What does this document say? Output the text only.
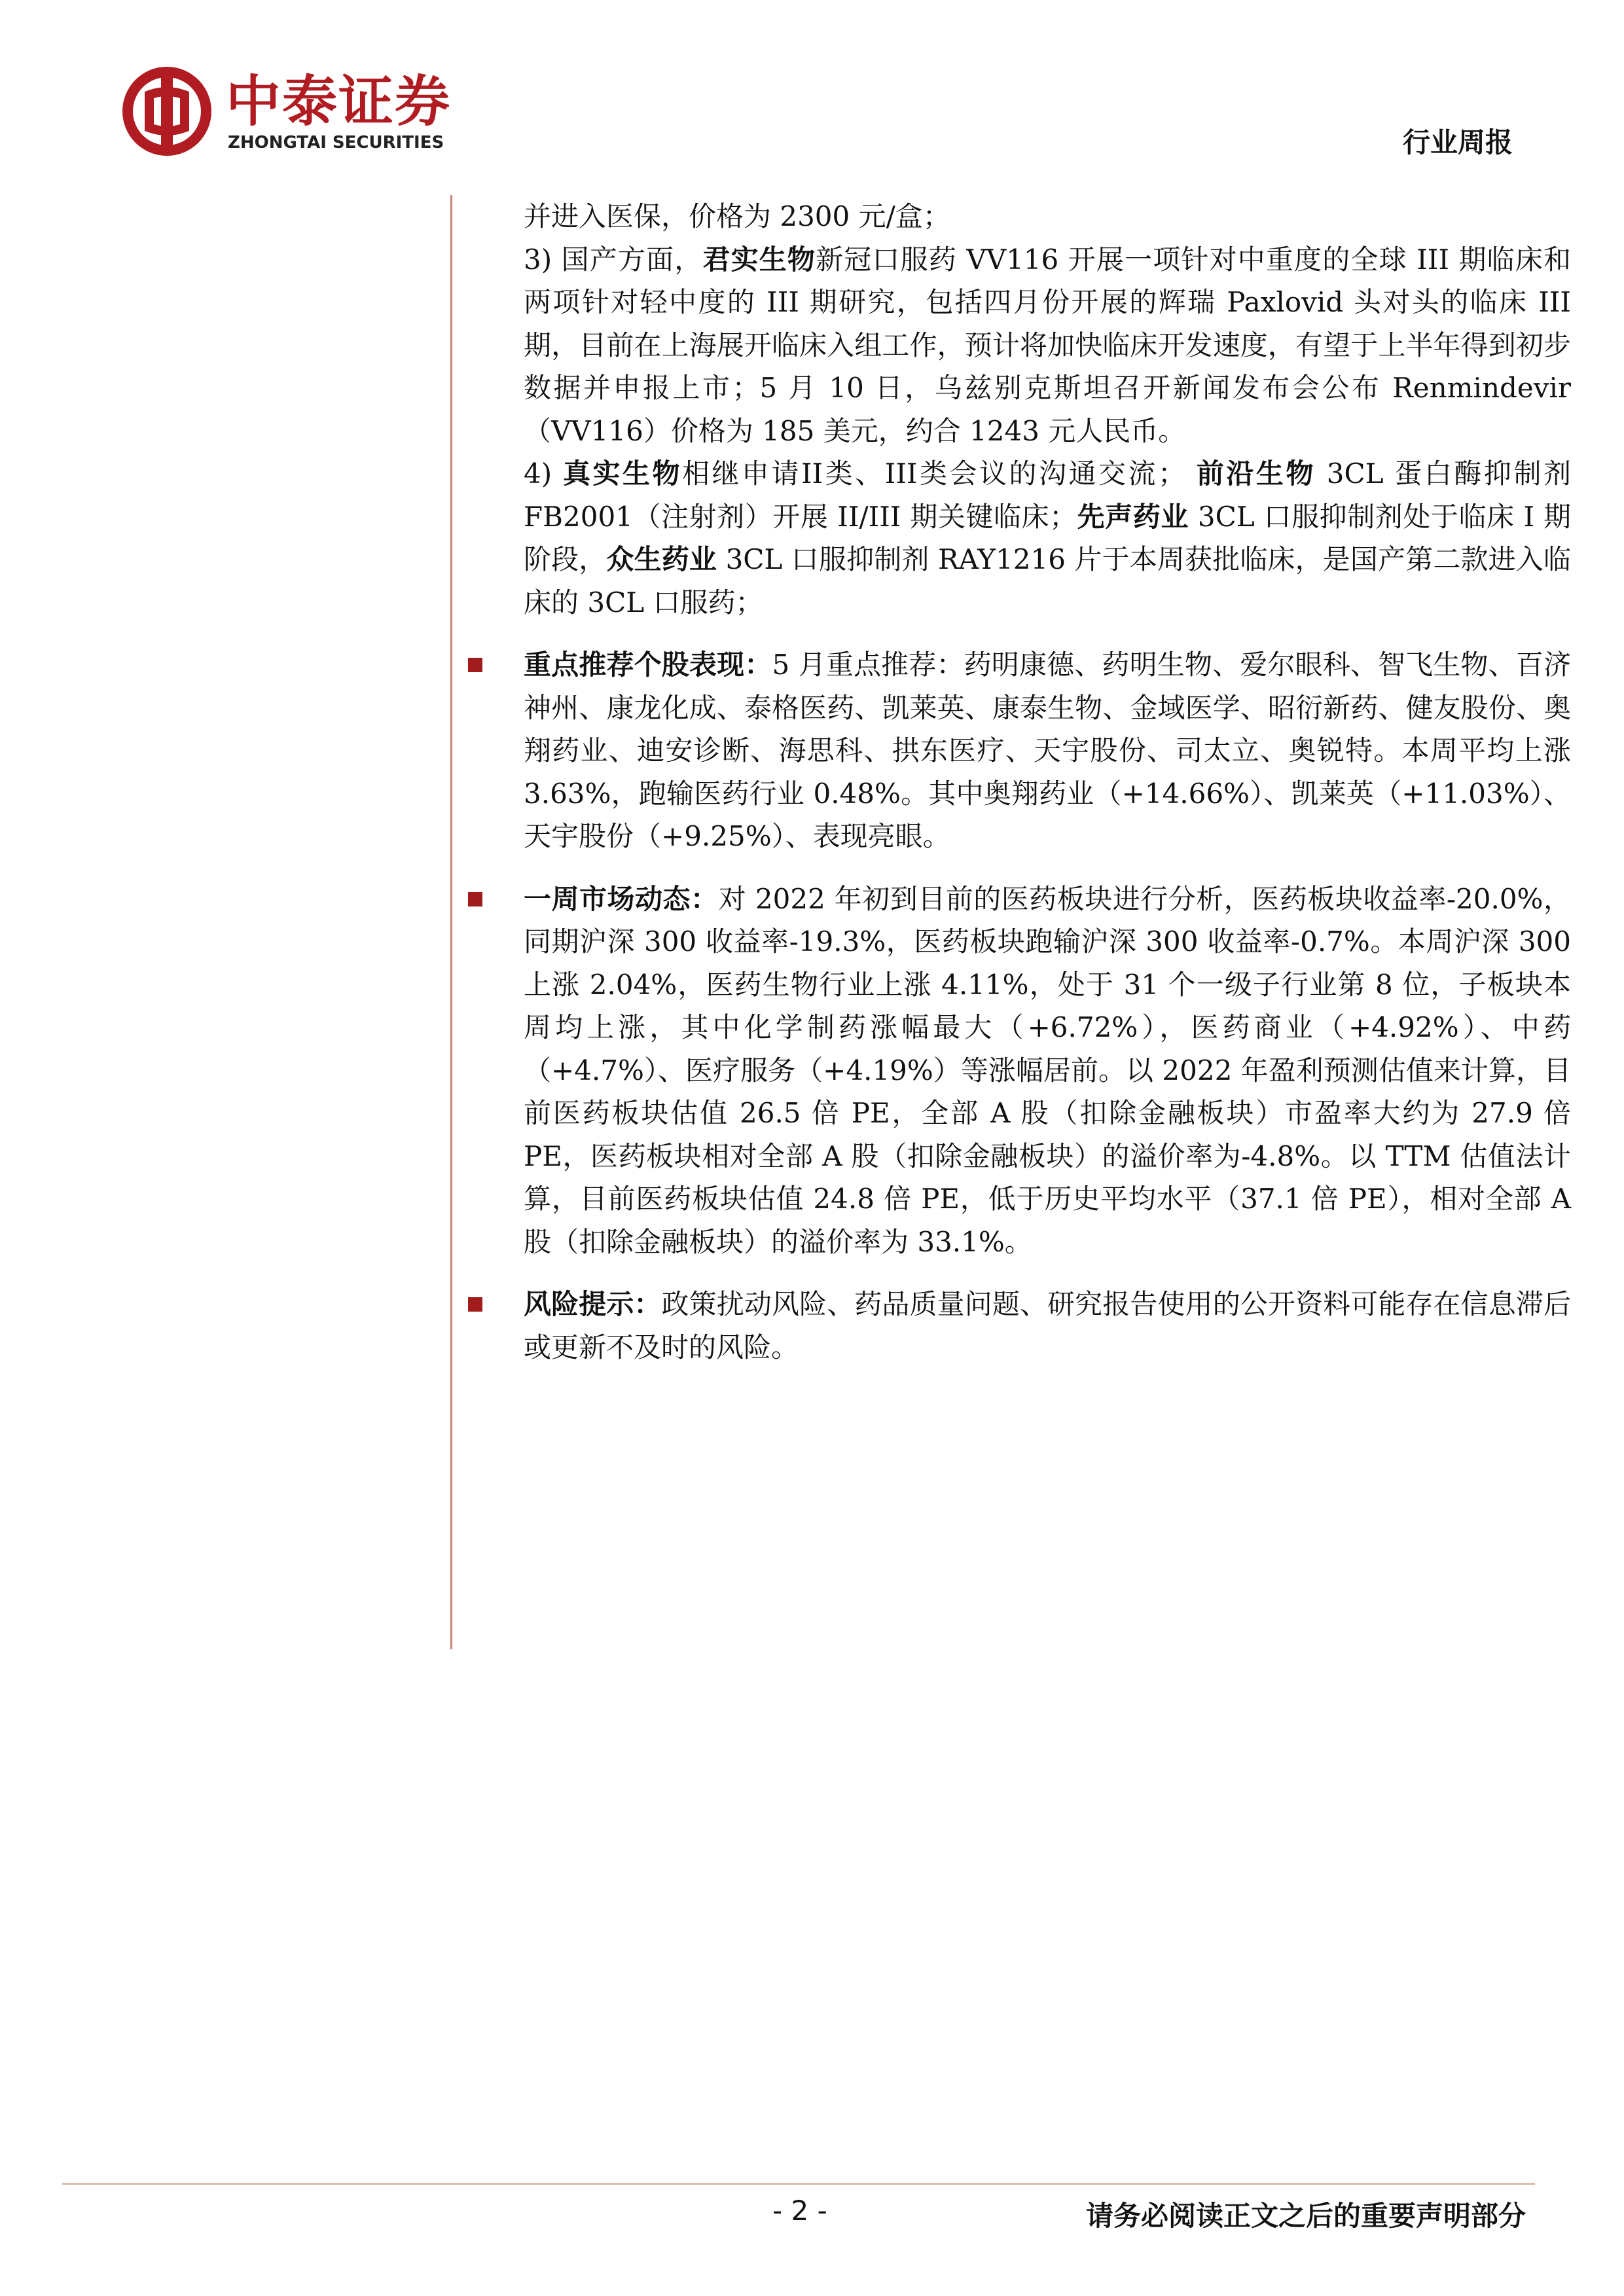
中泰证券
ZHONGTAI SECURITIES	行业周报

并进入医保，价格为 2300 元/盒；

3) 国产方面，君实生物新冠口服药 VV116 开展一项针对中重度的全球 III 期临床和两项针对轻中度的 III 期研究，包括四月份开展的辉瑞 Paxlovid 头对头的临床 III 期，目前在上海展开临床入组工作，预计将加快临床开发速度，有望于上半年得到初步数据并申报上市；5 月 10 日，乌兹别克斯坦召开新闻发布会公布 Renmindevir（VV116）价格为 185 美元，约合 1243 元人民币。

4) 真实生物相继申请II类、III类会议的沟通交流； 前沿生物 3CL 蛋白酶抑制剂 FB2001（注射剂）开展 II/III 期关键临床；先声药业 3CL 口服抑制剂处于临床 I 期阶段，众生药业 3CL 口服抑制剂 RAY1216 片于本周获批临床，是国产第二款进入临床的 3CL 口服药；

重点推荐个股表现：5 月重点推荐：药明康德、药明生物、爱尔眼科、智飞生物、百济神州、康龙化成、泰格医药、凯莱英、康泰生物、金域医学、昭衍新药、健友股份、奥翔药业、迪安诊断、海思科、拱东医疗、天宇股份、司太立、奥锐特。本周平均上涨 3.63%，跑输医药行业 0.48%。其中奥翔药业（+14.66%）、凯莱英（+11.03%）、天宇股份（+9.25%）、表现亮眼。

一周市场动态：对 2022 年初到目前的医药板块进行分析，医药板块收益率-20.0%，同期沪深 300 收益率-19.3%，医药板块跑输沪深 300 收益率-0.7%。本周沪深 300 上涨 2.04%，医药生物行业上涨 4.11%，处于 31 个一级子行业第 8 位，子板块本周均上涨，其中化学制药涨幅最大（+6.72%），医药商业（+4.92%）、中药（+4.7%）、医疗服务（+4.19%）等涨幅居前。以 2022 年盈利预测估值来计算，目前医药板块估值 26.5 倍 PE，全部 A 股（扣除金融板块）市盈率大约为 27.9 倍 PE，医药板块相对全部 A 股（扣除金融板块）的溢价率为-4.8%。以 TTM 估值法计算，目前医药板块估值 24.8 倍 PE，低于历史平均水平（37.1 倍 PE），相对全部 A 股（扣除金融板块）的溢价率为 33.1%。

风险提示：政策扰动风险、药品质量问题、研究报告使用的公开资料可能存在信息滞后或更新不及时的风险。

- 2 -	请务必阅读正文之后的重要声明部分
